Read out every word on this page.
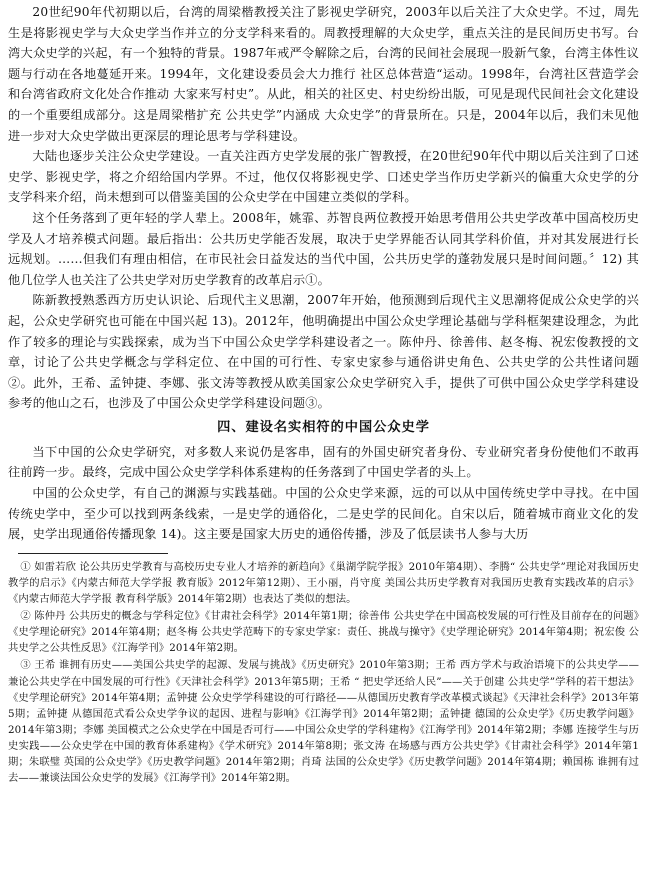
20世纪90年代初期以后，台湾的周梁楷教授关注了影视史学研究，2003年以后关注了大众史学。不过，周先生是将影视史学与大众史学当作并立的分支学科来看的。周教授理解的大众史学，重点关注的是民间历史书写。台湾大众史学的兴起，有一个独特的背景。1987年戒严令解除之后，台湾的民间社会展现一股新气象，台湾主体性议题与行动在各地蔓延开来。1994年，文化建设委员会大力推行 社区总体营造“运动。1998年，台湾社区营造学会和台湾省政府文化处合作推动 大家来写村史”。从此，相关的社区史、村史纷纷出版，可见是现代民间社会文化建设的一个重要组成部分。这是周梁楷扩充 公共史学”内涵成 大众史学”的背景所在。只是，2004年以后，我们未见他进一步对大众史学做出更深层的理论思考与学科建设。

大陆也逐步关注公众史学建设。一直关注西方史学发展的张广智教授，在20世纪90年代中期以后关注到了口述史学、影视史学，将之介绍给国内学界。不过，他仅仅将影视史学、口述史学当作历史学新兴的偏重大众史学的分支学科来介绍，尚未想到可以借鉴美国的公众史学在中国建立类似的学科。

这个任务落到了更年轻的学人辈上。2008年，姚霏、苏智良两位教授开始思考借用公共史学改革中国高校历史学及人才培养模式问题。最后指出：公共历史学能否发展，取决于史学界能否认同其学科价值，并对其发展进行长远规划。……但我们有理由相信，在市民社会日益发达的当代中国，公共历史学的蓬勃发展只是时间问题。〞12) 其他几位学人也关注了公共史学对历史学教育的改革启示①。

陈新教授熟悉西方历史认识论、后现代主义思潮，2007年开始，他预测到后现代主义思潮将促成公众史学的兴起，公众史学研究也可能在中国兴起 13)。2012年，他明确提出中国公众史学理论基础与学科框架建设理念，为此作了较多的理论与实践探索，成为当下中国公众史学学科建设者之一。陈仲丹、徐善伟、赵冬梅、祝宏俊教授的文章，讨论了公共史学概念与学科定位、在中国的可行性、专家史家参与通俗讲史角色、公共史学的公共性诸问题②。此外，王希、孟钟捷、李娜、张文涛等教授从欧美国家公众史学研究入手，提供了可供中国公众史学学科建设参考的他山之石，也涉及了中国公众史学学科建设问题③。

四、建设名实相符的中国公众史学

当下中国的公众史学研究，对多数人来说仍是客串，固有的外国史研究者身份、专业研究者身份使他们不敢再往前跨一步。最终，完成中国公众史学学科体系建构的任务落到了中国史学者的头上。

中国的公众史学，有自己的渊源与实践基础。中国的公众史学来源，远的可以从中国传统史学中寻找。在中国传统史学中，至少可以找到两条线索，一是史学的通俗化，二是史学的民间化。自宋以后，随着城市商业文化的发展，史学出现通俗传播现象 14)。这主要是国家大历史的通俗传播，涉及了低层读书人参与大历

① 如雷若欣 论公共历史学教育与高校历史专业人才培养的新趋向》《巢湖学院学报》2010年第4期）、李腾“ 公共史学”理论对我国历史教学的启示》《内蒙古师范大学学报 教育版》2012年第12期）、王小丽，肖守度 美国公共历史学教育对我国历史教育实践改革的启示》《内蒙古师范大学学报 教育科学版》2014年第2期）也表达了类似的想法。

② 陈仲丹 公共历史的概念与学科定位》《甘肃社会科学》2014年第1期；徐善伟 公共史学在中国高校发展的可行性及目前存在的问题》《史学理论研究》2014年第4期；赵冬梅 公共史学范畴下的专家史学家：责任、挑战与操守》《史学理论研究》2014年第4期；祝宏俊 公共史学之公共性反思》《江海学刊》2014年第2期。

③ 王希 谁拥有历史——美国公共史学的起源、发展与挑战》《历史研究》2010年第3期；王希 西方学术与政治语境下的公共史学——兼论公共史学在中国发展的可行性》《天津社会科学》2013年第5期；王希 “ 把史学还给人民”——关于创建 公共史学”学科的若干想法》《史学理论研究》2014年第4期；孟钟捷 公众史学学科建设的可行路径——从德国历史教育学改革模式谈起》《天津社会科学》2013年第5期；孟钟捷 从德国范式看公众史学争议的起因、进程与影响》《江海学刊》2014年第2期；孟钟捷 德国的公众史学》《历史教学问题》2014年第3期；李娜 美国模式之公众史学在中国是否可行——中国公众史学的学科建构》《江海学刊》2014年第2期；李娜 连接学生与历史实践——公众史学在中国的教育体系建构》《学术研究》2014年第8期；张文涛 在场感与西方公共史学》《甘肃社会科学》2014年第1期；朱联璧 英国的公众史学》《历史教学问题》2014年第2期；肖琦 法国的公众史学》《历史教学问题》2014年第4期；赖国栋 谁拥有过去——兼谈法国公众史学的发展》《江海学刊》2014年第2期。
